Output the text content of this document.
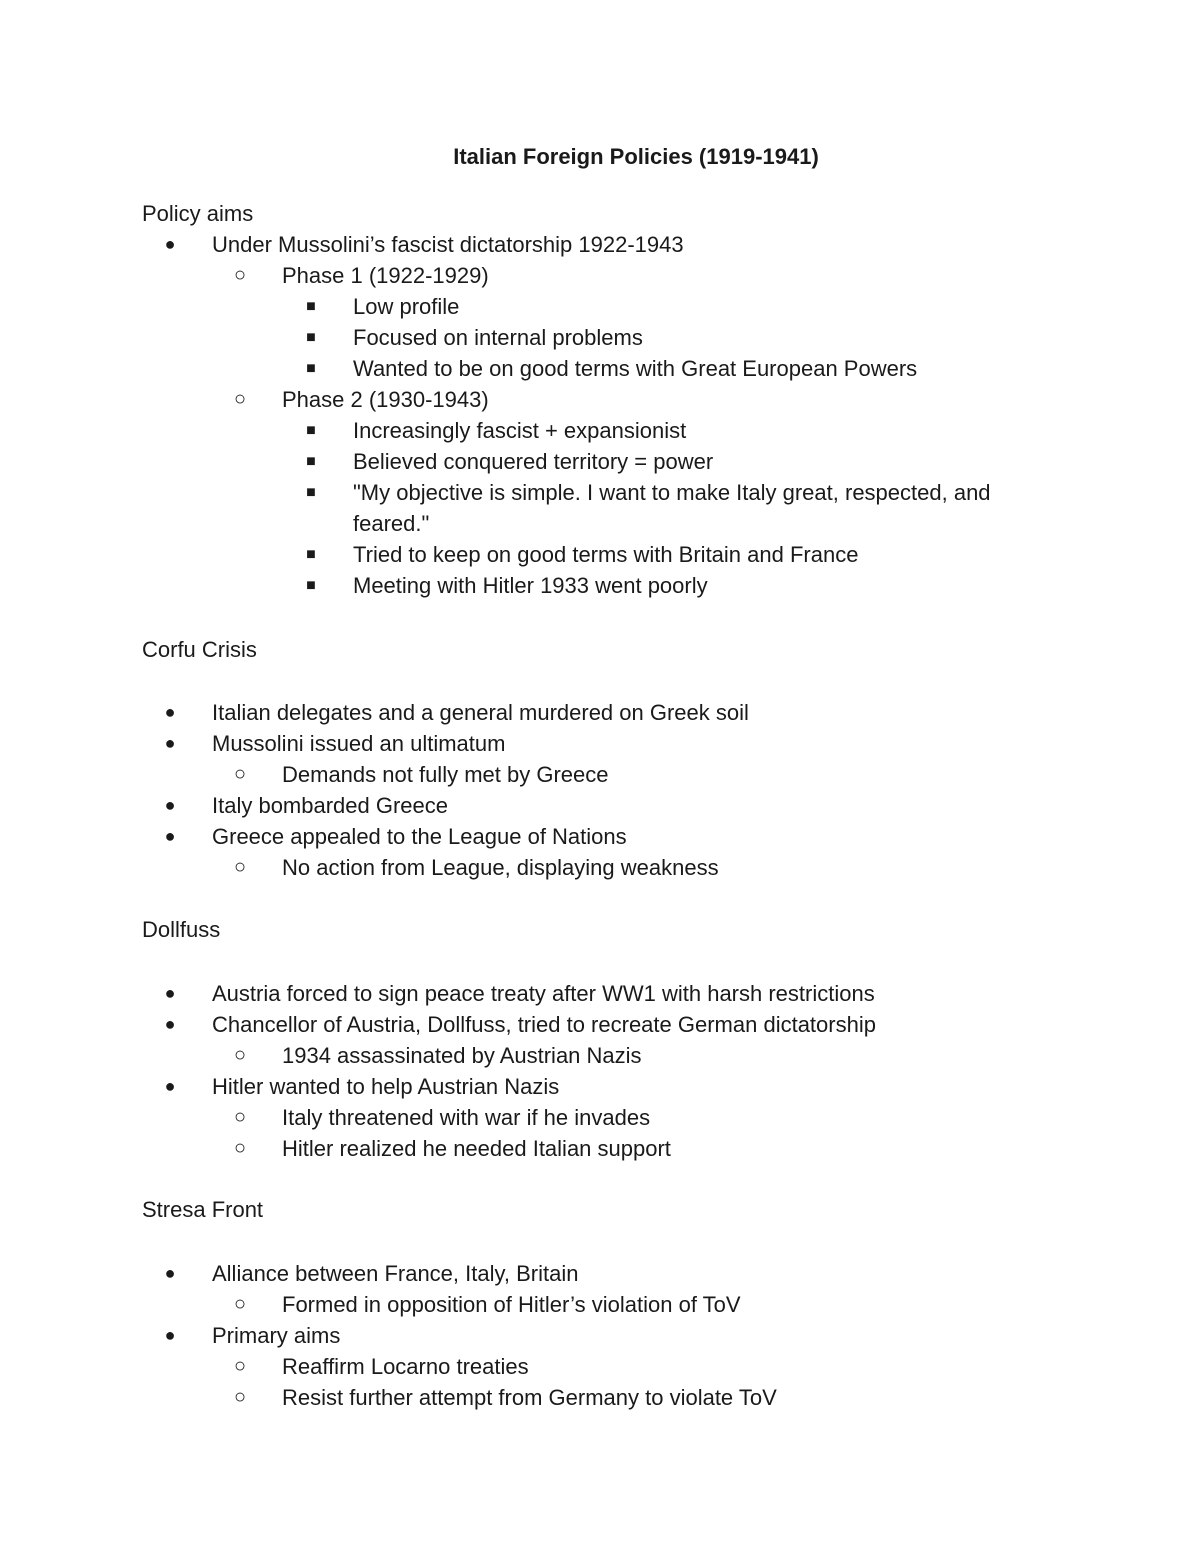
Italian Foreign Policies (1919-1941)
Policy aims
● Under Mussolini’s fascist dictatorship 1922-1943
○ Phase 1 (1922-1929)
■ Low profile
■ Focused on internal problems
■ Wanted to be on good terms with Great European Powers
○ Phase 2 (1930-1943)
■ Increasingly fascist + expansionist
■ Believed conquered territory = power
■ "My objective is simple. I want to make Italy great, respected, and feared."
■ Tried to keep on good terms with Britain and France
■ Meeting with Hitler 1933 went poorly
Corfu Crisis
● Italian delegates and a general murdered on Greek soil
● Mussolini issued an ultimatum
○ Demands not fully met by Greece
● Italy bombarded Greece
● Greece appealed to the League of Nations
○ No action from League, displaying weakness
Dollfuss
● Austria forced to sign peace treaty after WW1 with harsh restrictions
● Chancellor of Austria, Dollfuss, tried to recreate German dictatorship
○ 1934 assassinated by Austrian Nazis
● Hitler wanted to help Austrian Nazis
○ Italy threatened with war if he invades
○ Hitler realized he needed Italian support
Stresa Front
● Alliance between France, Italy, Britain
○ Formed in opposition of Hitler’s violation of ToV
● Primary aims
○ Reaffirm Locarno treaties
○ Resist further attempt from Germany to violate ToV
